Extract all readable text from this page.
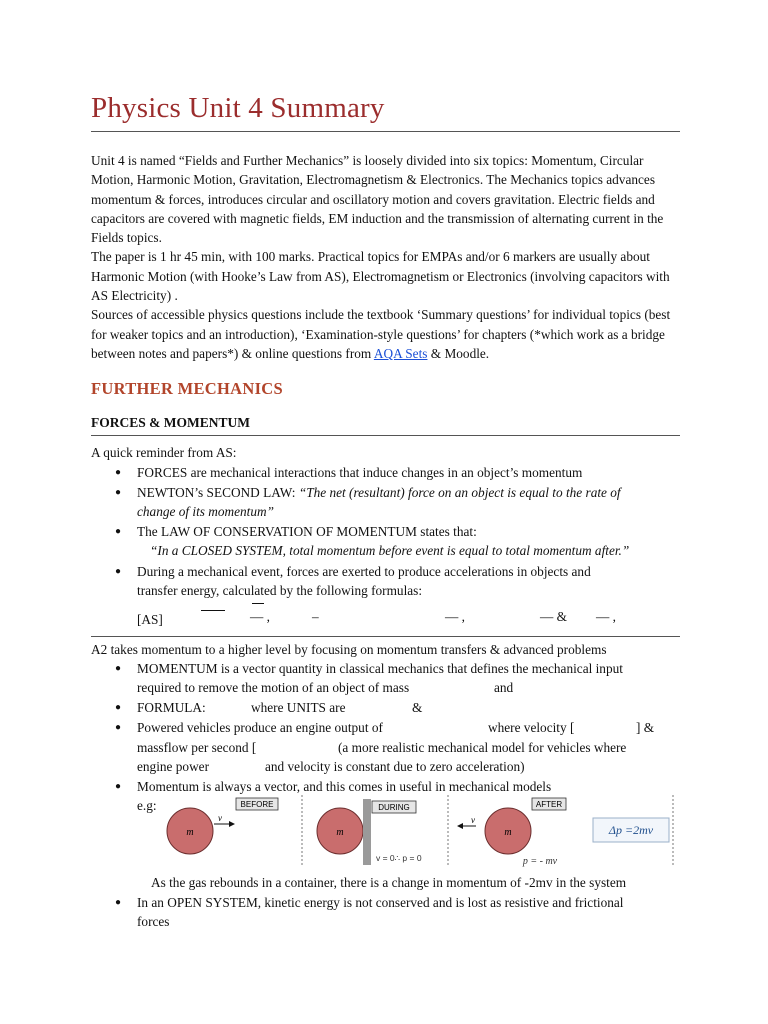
Physics Unit 4 Summary

Unit 4 is named “Fields and Further Mechanics” is loosely divided into six topics: Momentum, Circular Motion, Harmonic Motion, Gravitation, Electromagnetism & Electronics. The Mechanics topics advances momentum & forces, introduces circular and oscillatory motion and covers gravitation. Electric fields and capacitors are covered with magnetic fields, EM induction and the transmission of alternating current in the Fields topics.

The paper is 1 hr 45 min, with 100 marks. Practical topics for EMPAs and/or 6 markers are usually about Harmonic Motion (with Hooke’s Law from AS), Electromagnetism or Electronics (involving capacitors with AS Electricity) .

Sources of accessible physics questions include the textbook ‘Summary questions’ for individual topics (best for weaker topics and an introduction), ‘Examination-style questions’ for chapters (*which work as a bridge between notes and papers*) & online questions from AQA Sets & Moodle.

FURTHER MECHANICS
FORCES & MOMENTUM
A quick reminder from AS:
● FORCES are mechanical interactions that induce changes in an object’s momentum
● NEWTON’s SECOND LAW: “The net (resultant) force on an object is equal to the rate of
change of its momentum”
● The LAW OF CONSERVATION OF MOMENTUM states that:
“In a CLOSED SYSTEM, total momentum before event is equal to total momentum after.”
● During a mechanical event, forces are exerted to produce accelerations in objects and
transfer energy, calculated by the following formulas:
[AS]	— ,	–	— ,	— & — ,
A2 takes momentum to a higher level by focusing on momentum transfers & advanced problems
● MOMENTUM is a vector quantity in classical mechanics that defines the mechanical input
required to remove the motion of an object of mass	and
● FORMULA:	where UNITS are	&
● Powered vehicles produce an engine output of	where velocity [	] &
massflow per second [	(a more realistic mechanical model for vehicles where
engine power	and velocity is constant due to zero acceleration)
● Momentum is always a vector, and this comes in useful in mechanical models
e.g:	AFTER
m
v
p = - mv
DURING
m
v = 0∴ p = 0
Δp =2mv
m
v
BEFORE
As the gas rebounds in a container, there is a change in momentum of -2mv in the system
● In an OPEN SYSTEM, kinetic energy is not conserved and is lost as resistive and frictional
forces
